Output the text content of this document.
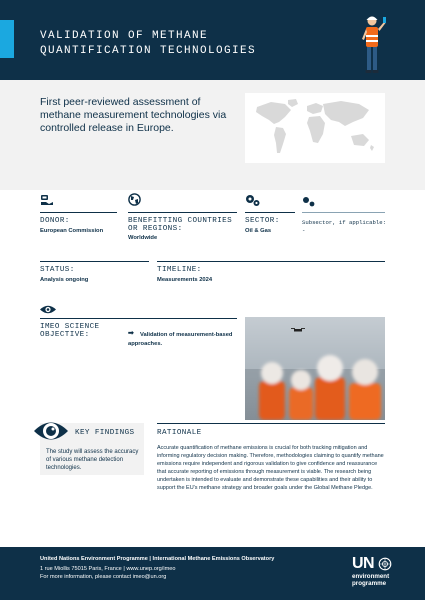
VALIDATION OF METHANE
QUANTIFICATION TECHNOLOGIES
First peer-reviewed assessment of methane measurement technologies via controlled release in Europe.
DONOR:
European Commission
BENEFITTING COUNTRIES
OR REGIONS:
Worldwide
SECTOR:
Oil & Gas
Subsector, if applicable:
-
STATUS:
Analysis ongoing
TIMELINE:
Measurements 2024
IMEO SCIENCE
OBJECTIVE:	➡ Validation of measurement-based
approaches.
KEY FINDINGS
The study will assess the accuracy of various methane detection technologies.
RATIONALE
Accurate quantification of methane emissions is crucial for both tracking mitigation and informing regulatory decision making. Therefore, methodologies claiming to quantify methane emissions require independent and rigorous validation to give confidence and reassurance that accurate reporting of emissions through measurement is viable. The research being undertaken is intended to evaluate and demonstrate these capabilities and their ability to support the EU's methane strategy and broader goals under the Global Methane Pledge.
United Nations Environment Programme | International Methane Emissions Observatory
1 rue Miollis 75015 Paris, France | www.unep.org/imeo
For more information, please contact imeo@un.org
UN
environment
programme
